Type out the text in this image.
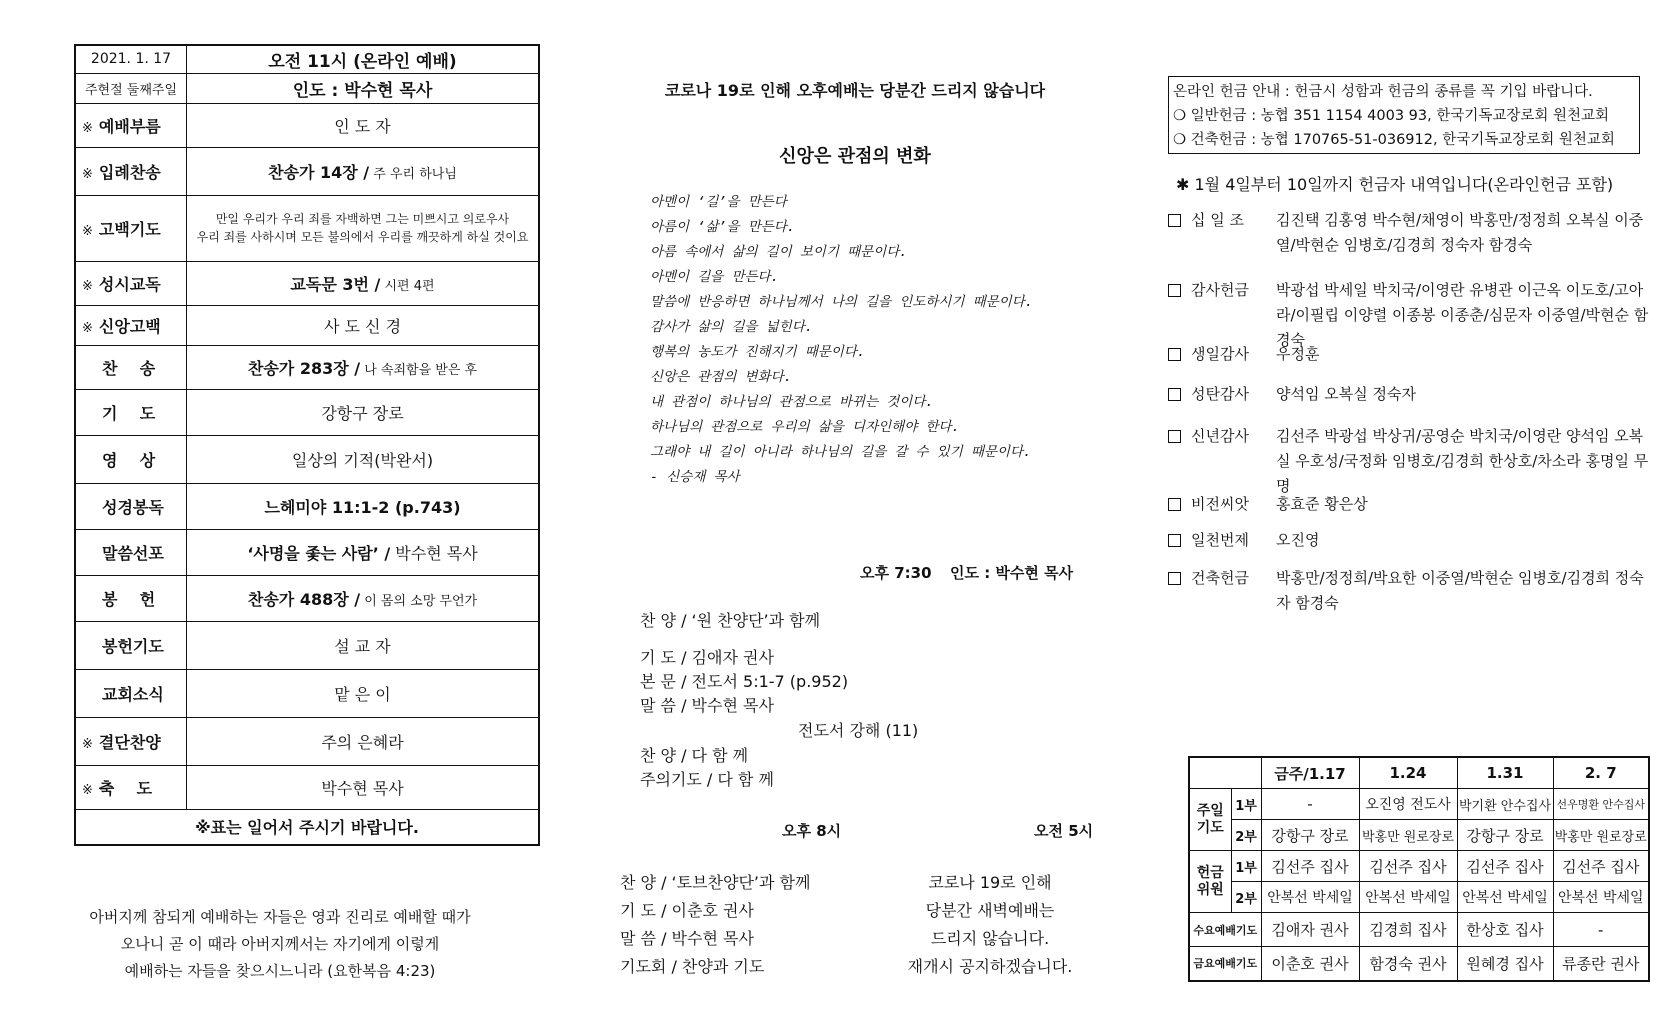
2021. 1. 17	오전 11시 (온라인 예배)
주현절 둘째주일	인도 : 박수현 목사
※ 예배부름	인 도 자
※ 입례찬송	찬송가 14장 / 주 우리 하나님
※ 고백기도	만일 우리가 우리 죄를 자백하면 그는 미쁘시고 의로우사
우리 죄를 사하시며 모든 불의에서 우리를 깨끗하게 하실 것이요

※ 성시교독	교독문 3번 / 시편 4편
※ 신앙고백	사 도 신 경
찬    송	찬송가 283장 / 나 속죄함을 받은 후
기    도	강항구 장로
영    상	일상의 기적(박완서)
성경봉독	느헤미야 11:1-2 (p.743)
말씀선포	‘사명을 좇는 사람’ / 박수현 목사
봉    헌	찬송가 488장 / 이 몸의 소망 무언가
봉헌기도	설 교 자
교회소식	맡 은 이
※ 결단찬양	주의 은혜라
※ 축    도	박수현 목사
※표는 일어서 주시기 바랍니다.	
아버지께 참되게 예배하는 자들은 영과 진리로 예배할 때가
오나니 곧 이 때라 아버지께서는 자기에게 이렇게
예배하는 자들을 찾으시느니라 (요한복음 4:23)
코로나 19로 인해 오후예배는 당분간 드리지 않습니다
신앙은 관점의 변화
아멘이 ‘길’을 만든다
아름이 ‘삶’을 만든다.
아름 속에서 삶의 길이 보이기 때문이다.
아멘이 길을 만든다.
말씀에 반응하면 하나님께서 나의 길을 인도하시기 때문이다.
감사가 삶의 길을 넓힌다.
행복의 농도가 진해지기 때문이다.
신앙은 관점의 변화다.
내 관점이 하나님의 관점으로 바뀌는 것이다.
하나님의 관점으로 우리의 삶을 디자인해야 한다.
그래야 내 길이 아니라 하나님의 길을 갈 수 있기 때문이다.
- 신승재 목사
오후 7:30 인도 : 박수현 목사
찬 양 / ‘원 찬양단’과 함께
기 도 / 김애자 권사
본 문 / 전도서 5:1-7 (p.952)
말 씀 / 박수현 목사
전도서 강해 (11)
찬 양 / 다 함 께
주의기도 / 다 함 께
오후 8시	오전 5시
찬 양 / ‘토브찬양단’과 함께
기 도 / 이춘호 권사
말 씀 / 박수현 목사
기도회 / 찬양과 기도
코로나 19로 인해
당분간 새벽예배는
드리지 않습니다.
재개시 공지하겠습니다.
온라인 헌금 안내 : 헌금시 성함과 헌금의 종류를 꼭 기입 바랍니다.
❍ 일반헌금 : 농협 351 1154 4003 93, 한국기독교장로회 원천교회
❍ 건축헌금 : 농협 170765-51-036912, 한국기독교장로회 원천교회
✱ 1월 4일부터 10일까지 헌금자 내역입니다(온라인헌금 포함)
십 일 조 김진택 김홍영 박수현/채영이 박홍만/정정희 오복실 이중열/박현순 임병호/김경희 정숙자 함경숙
감사헌금 박광섭 박세일 박치국/이영란 유병관 이근옥 이도호/고아라/이필립 이양렬 이종봉 이종춘/심문자 이중열/박현순 함경숙
생일감사 우정훈
성탄감사 양석임 오복실 정숙자
신년감사 김선주 박광섭 박상귀/공영순 박치국/이영란 양석임 오복실 우호성/국정화 임병호/김경희 한상호/차소라 홍명일 무명
비전씨앗 홍효준 황은상
일천번제 오진영
건축헌금 박홍만/정정희/박요한 이중열/박현순 임병호/김경희 정숙자 함경숙
		금주/1.17	1.24	1.31	2. 7
주일 기도	1부	-	오진영 전도사	박기환 안수집사	선우명환 안수집사
	2부	강항구 장로	박홍만 원로장로	강항구 장로	박홍만 원로장로
헌금 위원	1부	김선주 집사	김선주 집사	김선주 집사	김선주 집사
	2부	안복선 박세일	안복선 박세일	안복선 박세일	안복선 박세일
수요예배기도		김애자 권사	김경희 집사	한상호 집사	-
금요예배기도		이춘호 권사	함경숙 권사	원혜경 집사	류종란 권사
